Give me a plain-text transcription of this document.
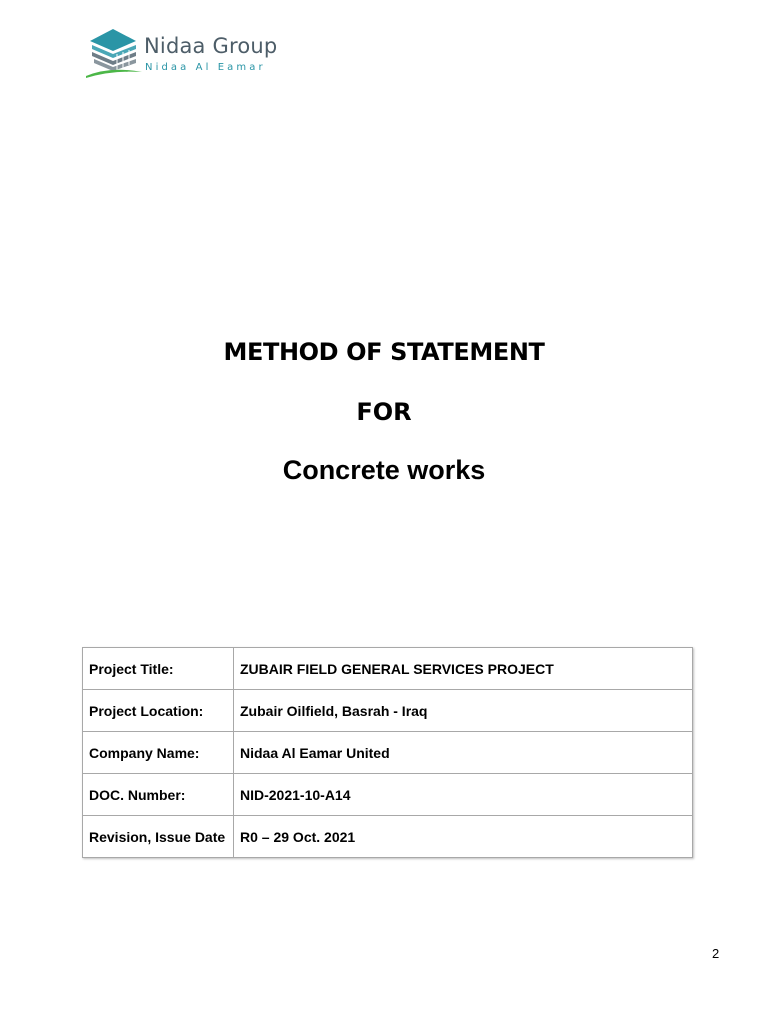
Nidaa Group
Nidaa Al Eamar
METHOD OF STATEMENT
FOR
Concrete works
Project Title:	ZUBAIR FIELD GENERAL SERVICES PROJECT
Project Location:	Zubair Oilfield, Basrah - Iraq
Company Name:	Nidaa Al Eamar United
DOC. Number:	NID-2021-10-A14
Revision, Issue Date	R0 – 29 Oct. 2021
2
